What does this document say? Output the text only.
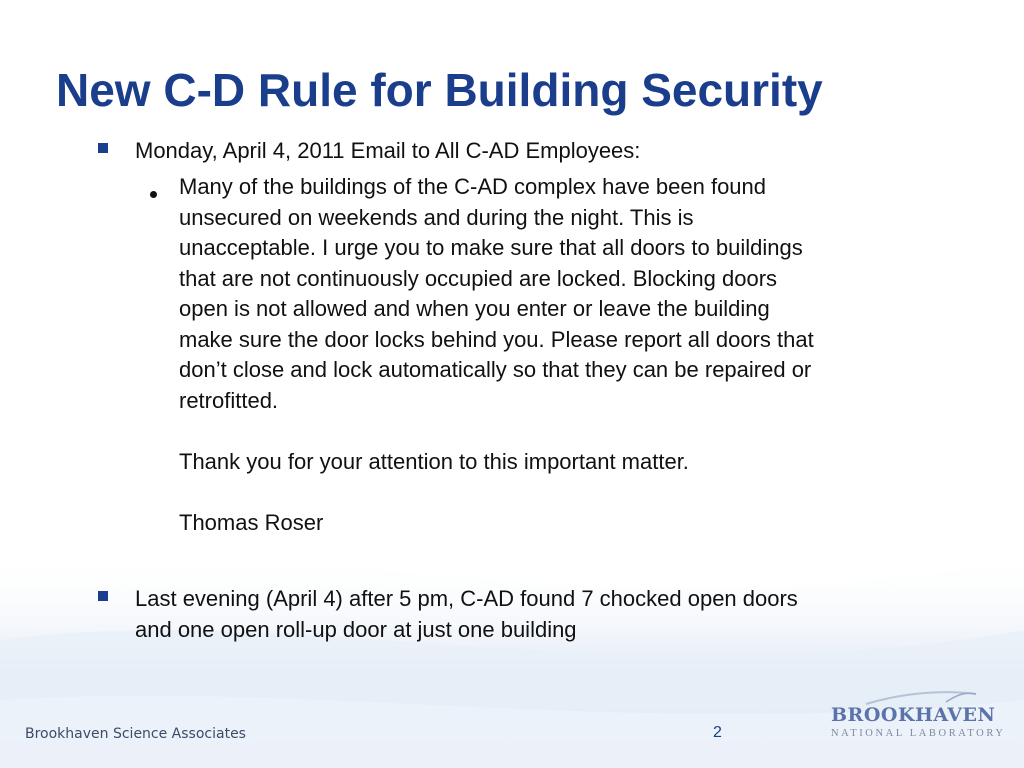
New C-D Rule for Building Security
Monday, April 4, 2011 Email to All C-AD Employees:
Many of the buildings of the C-AD complex have been found
unsecured on weekends and during the night. This is
unacceptable. I urge you to make sure that all doors to buildings
that are not continuously occupied are locked. Blocking doors
open is not allowed and when you enter or leave the building
make sure the door locks behind you. Please report all doors that
don’t close and lock automatically so that they can be repaired or
retrofitted.
Thank you for your attention to this important matter.
Thomas Roser
Last evening (April 4) after 5 pm, C-AD found 7 chocked open doors
and one open roll-up door at just one building
Brookhaven Science Associates	2
BROOKHAVEN
NATIONAL LABORATORY
